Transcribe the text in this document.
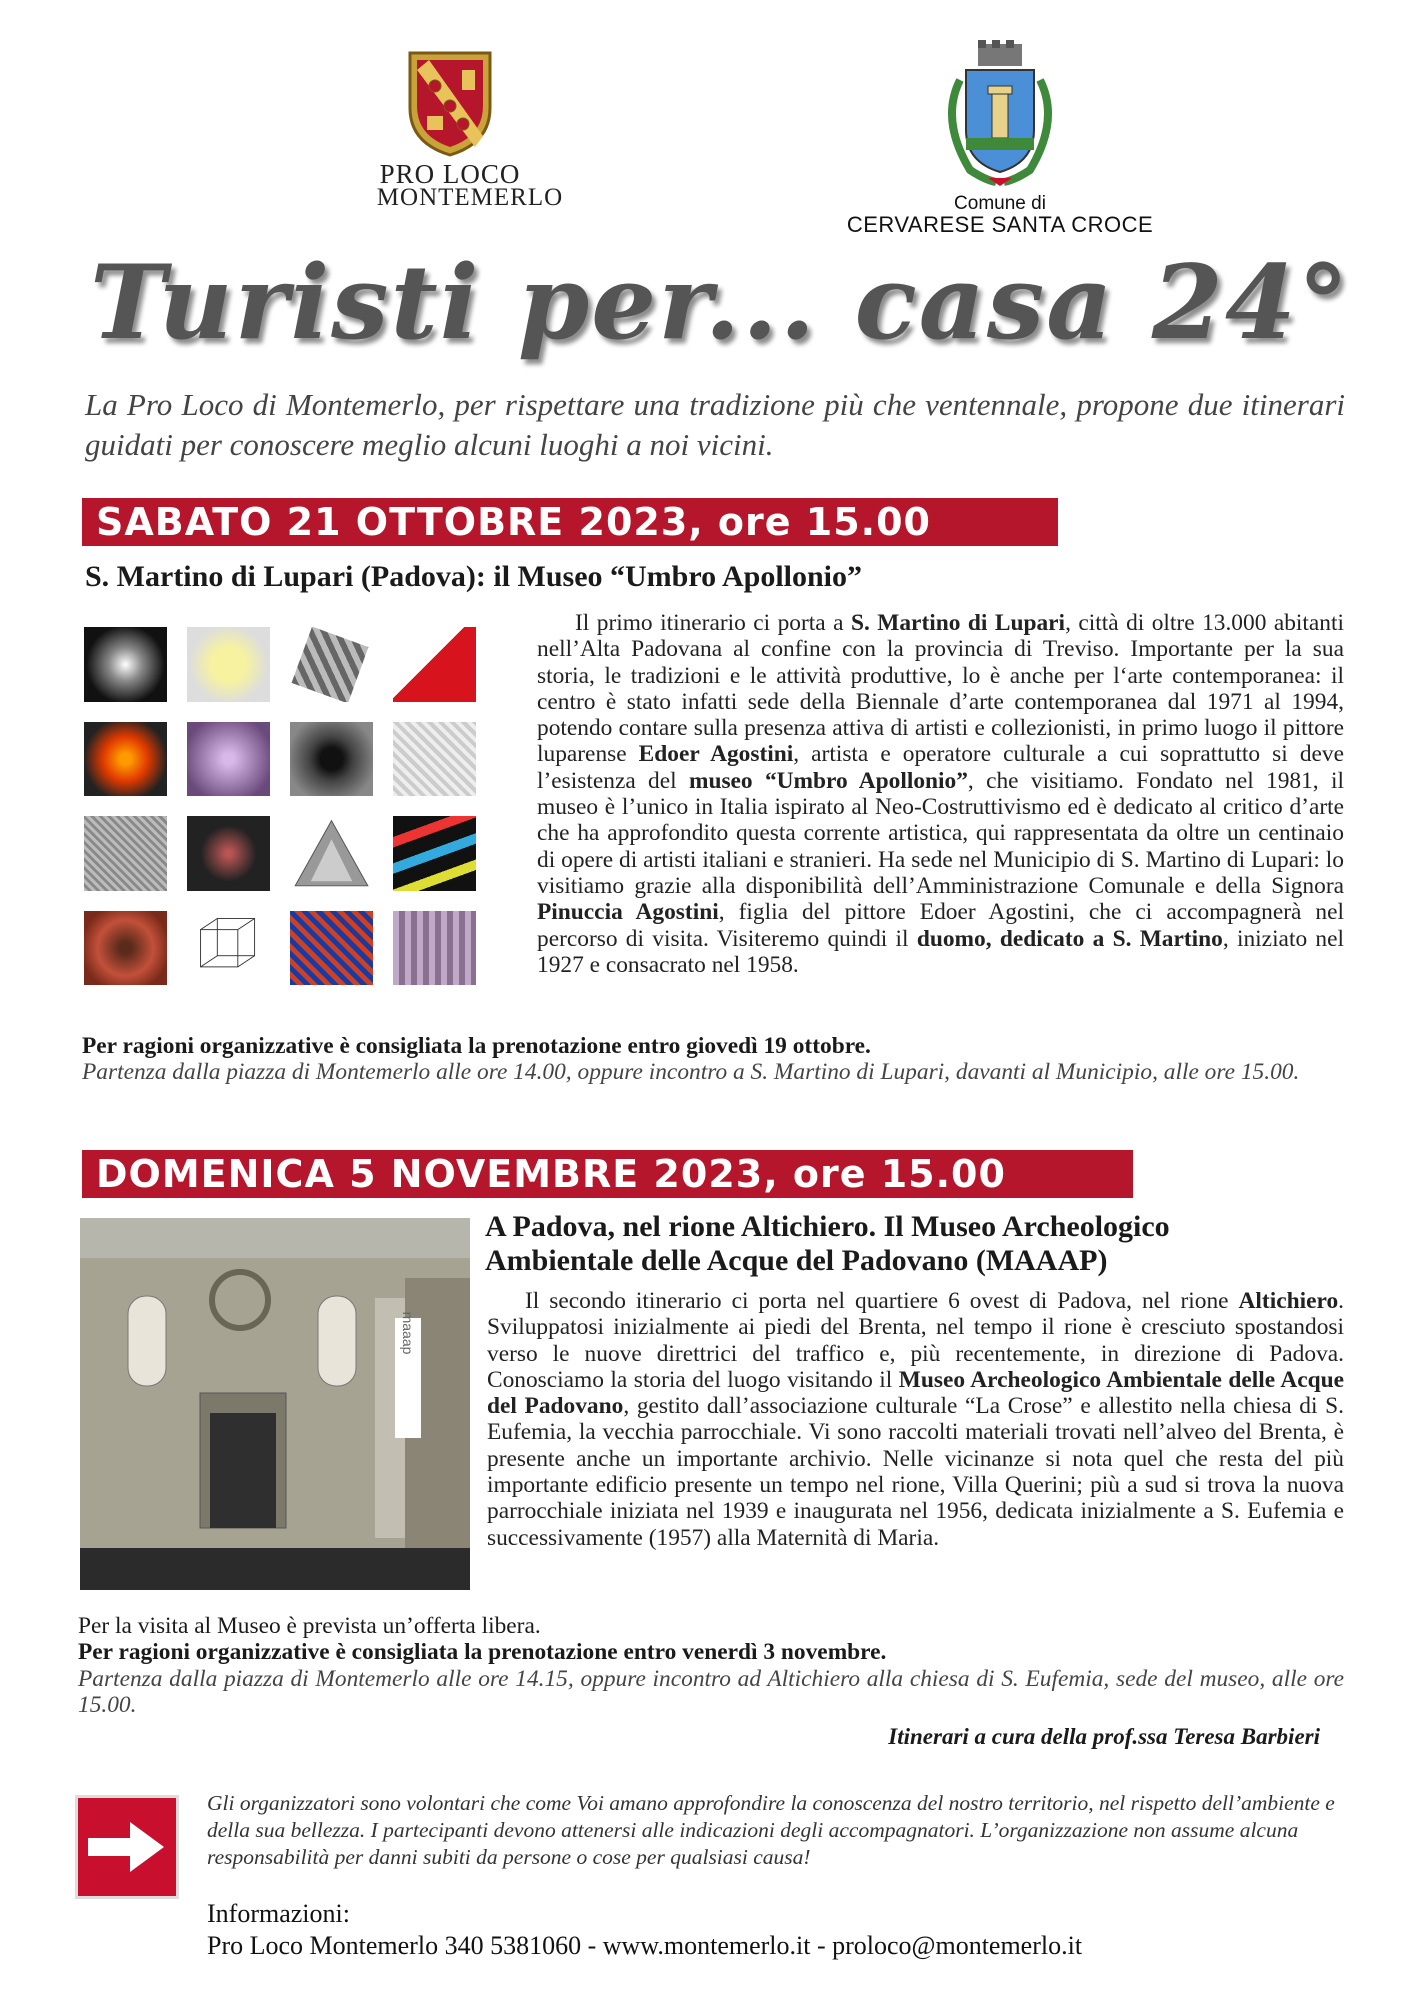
PRO LOCO
MONTEMERLO	Comune di
CERVARESE SANTA CROCE
Turisti per... casa 24°
La Pro Loco di Montemerlo, per rispettare una tradizione più che ventennale, propone due itinerari guidati per conoscere meglio alcuni luoghi a noi vicini.
SABATO 21 OTTOBRE 2023, ore 15.00
S. Martino di Lupari (Padova): il Museo “Umbro Apollonio”

Il primo itinerario ci porta a S. Martino di Lupari, città di oltre 13.000 abitanti nell’Alta Padovana al confine con la provincia di Treviso. Importante per la sua storia, le tradizioni e le attività produttive, lo è anche per l‘arte contemporanea: il centro è stato infatti sede della Biennale d’arte contemporanea dal 1971 al 1994, potendo contare sulla presenza attiva di artisti e collezionisti, in primo luogo il pittore luparense Edoer Agostini, artista e operatore culturale a cui soprattutto si deve l’esistenza del museo “Umbro Apollonio”, che visitiamo. Fondato nel 1981, il museo è l’unico in Italia ispirato al Neo-Costruttivismo ed è dedicato al critico d’arte che ha approfondito questa corrente artistica, qui rappresentata da oltre un centinaio di opere di artisti italiani e stranieri. Ha sede nel Municipio di S. Martino di Lupari: lo visitiamo grazie alla disponibilità dell’Amministrazione Comunale e della Signora Pinuccia Agostini, figlia del pittore Edoer Agostini, che ci accompagnerà nel percorso di visita. Visiteremo quindi il duomo, dedicato a S. Martino, iniziato nel 1927 e consacrato nel 1958.

Per ragioni organizzative è consigliata la prenotazione entro giovedì 19 ottobre.
Partenza dalla piazza di Montemerlo alle ore 14.00, oppure incontro a S. Martino di Lupari, davanti al Municipio, alle ore 15.00.
DOMENICA 5 NOVEMBRE 2023, ore 15.00
A Padova, nel rione Altichiero. Il Museo Archeologico
Ambientale delle Acque del Padovano (MAAAP)
maaap

Il secondo itinerario ci porta nel quartiere 6 ovest di Padova, nel rione Altichiero. Sviluppatosi inizialmente ai piedi del Brenta, nel tempo il rione è cresciuto spostandosi verso le nuove direttrici del traffico e, più recentemente, in direzione di Padova. Conosciamo la storia del luogo visitando il Museo Archeologico Ambientale delle Acque del Padovano, gestito dall’associazione culturale “La Crose” e allestito nella chiesa di S. Eufemia, la vecchia parrocchiale. Vi sono raccolti materiali trovati nell’alveo del Brenta, è presente anche un importante archivio. Nelle vicinanze si nota quel che resta del più importante edificio presente un tempo nel rione, Villa Querini; più a sud si trova la nuova parrocchiale iniziata nel 1939 e inaugurata nel 1956, dedicata inizialmente a S. Eufemia e successivamente (1957) alla Maternità di Maria.

Per la visita al Museo è prevista un’offerta libera.
Per ragioni organizzative è consigliata la prenotazione entro venerdì 3 novembre.
Partenza dalla piazza di Montemerlo alle ore 14.15, oppure incontro ad Altichiero alla chiesa di S. Eufemia, sede del museo, alle ore 15.00.
Itinerari a cura della prof.ssa Teresa Barbieri
Gli organizzatori sono volontari che come Voi amano approfondire la conoscenza del nostro territorio, nel rispetto dell’ambiente e della sua bellezza. I partecipanti devono attenersi alle indicazioni degli accompagnatori. L’organizzazione non assume alcuna responsabilità per danni subiti da persone o cose per qualsiasi causa!
Informazioni:
Pro Loco Montemerlo 340 5381060 - www.montemerlo.it - proloco@montemerlo.it
